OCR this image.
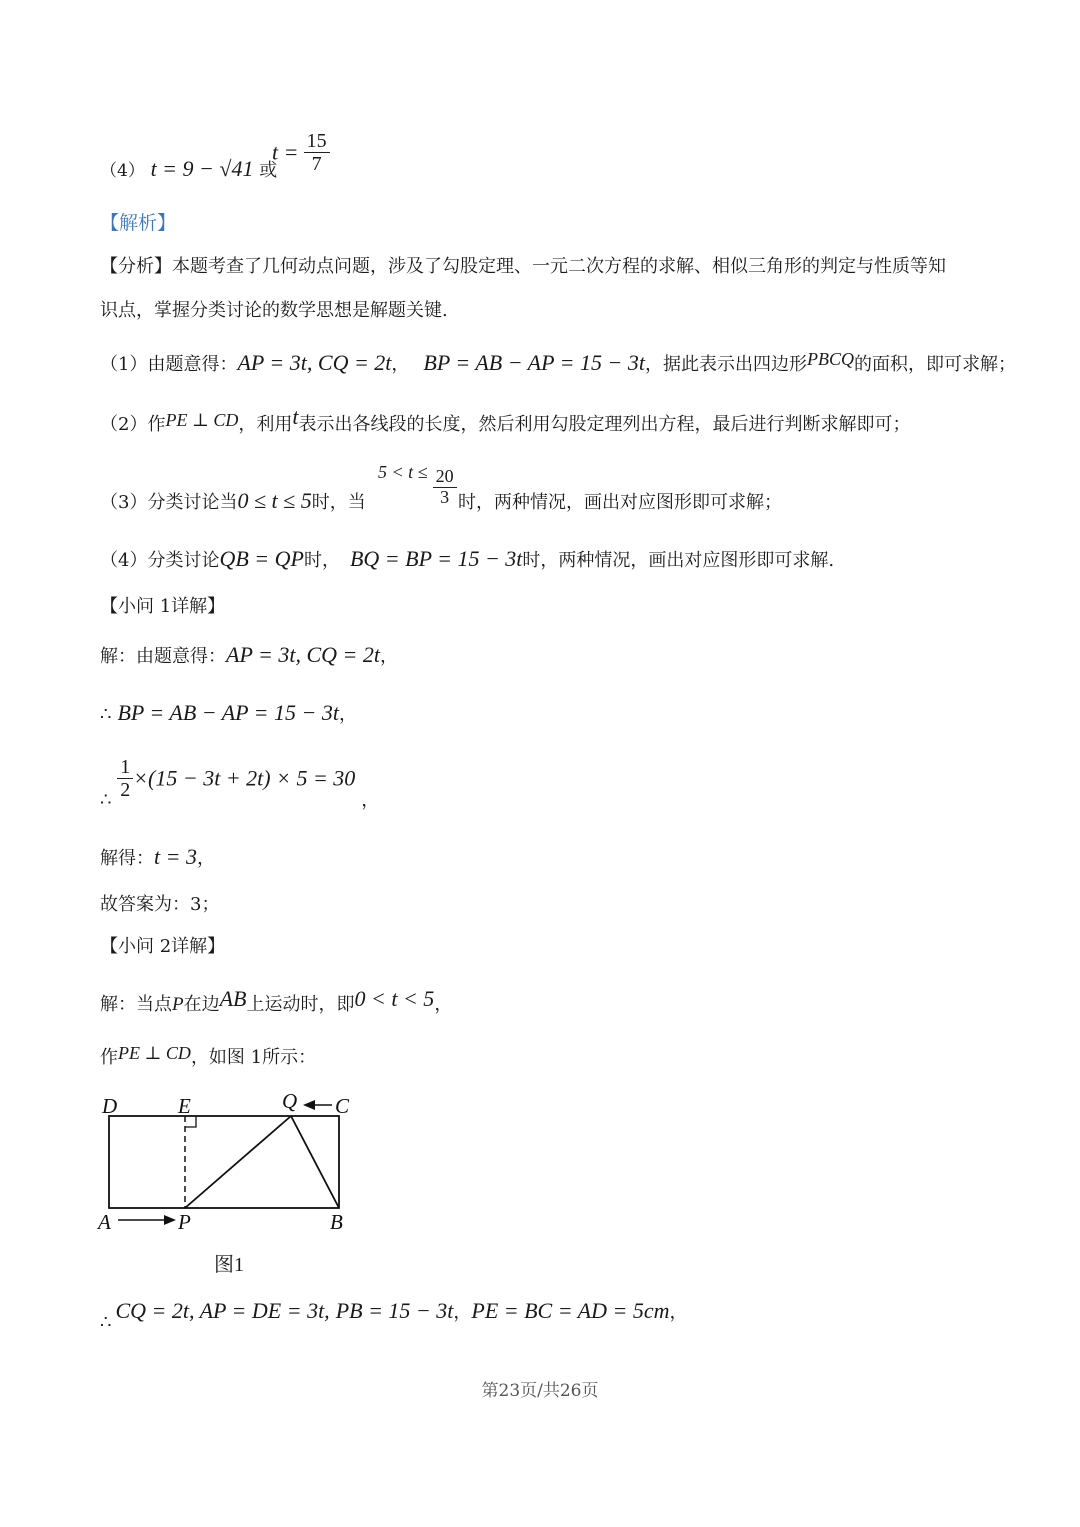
（4） t = 9 − √41 或
$t = \frac{15}{7}$
【解析】
【分析】本题考查了几何动点问题，涉及了勾股定理、一元二次方程的求解、相似三角形的判定与性质等知
识点，掌握分类讨论的数学思想是解题关键.
（1）由题意得：AP = 3t, CQ = 2t， BP = AB − AP = 15 − 3t，据此表示出四边形PBCQ的面积，即可求解；
（2）作PE ⊥ CD，利用t表示出各线段的长度，然后利用勾股定理列出方程，最后进行判断求解即可；
（3）分类讨论当0 ≤ t ≤ 5时，当
$5 < t \le \frac{20}{3}$ 时，两种情况，画出对应图形即可求解；
（4）分类讨论QB = QP时， BQ = BP = 15 − 3t时，两种情况，画出对应图形即可求解.
【小问 1详解】
解：由题意得：AP = 3t, CQ = 2t，
∴ BP = AB − AP = 15 − 3t，
∴ $\frac{1}{2} \times(15 - 3t + 2t) \times 5 = 30$，
解得：t = 3，
故答案为：3；
【小问 2详解】
解：当点P在边AB上运动时，即0 < t < 5，
作PE ⊥ CD，如图 1所示：
D	E	Q C
A	P	B
图1
∴ CQ = 2t, AP = DE = 3t, PB = 15 − 3t，PE = BC = AD = 5cm，
第23页/共26页
